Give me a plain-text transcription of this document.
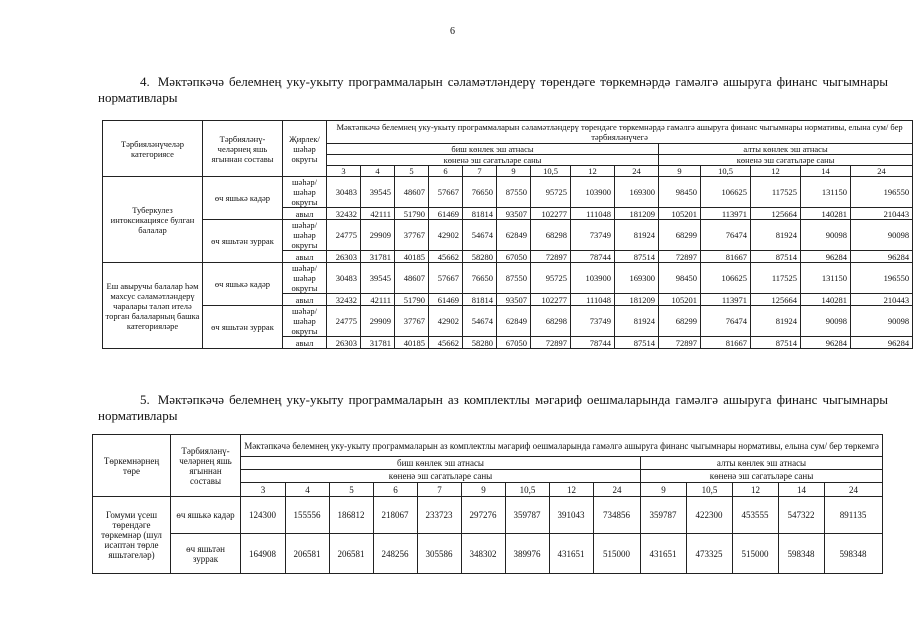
6
4. Мәктәпкәчә белемнең уку-укыту программаларын сәламәтләндерү төрендәге төркемнәрдә гамәлгә ашыруга финанс чыгымнары нормативлары
Тәрбияләнүчеләр категориясе	Тәрбияләнү-челәрнең яшь ягыннан составы	Җирлек/ шәһәр округы	Мәктәпкәчә белемнең уку-укыту программаларын сәламәтләндерү төрендәге төркемнәрдә гамәлгә ашыруга финанс чыгымнары нормативы, елына сум/ бер тәрбияләнүчегә													
			биш көнлек эш атнасы									алты көнлек эш атнасы				
			көненә эш сәгатьләре саны									көненә эш сәгатьләре саны				
			3	4	5	6	7	9	10,5	12	24	9	10,5	12	14	24
Туберкулез интоксикациясе булган балалар	өч яшькә кадәр	шәһәр/ шәһәр округы	30483	39545	48607	57667	76650	87550	95725	103900	169300	98450	106625	117525	131150	196550
		авыл	32432	42111	51790	61469	81814	93507	102277	111048	181209	105201	113971	125664	140281	210443
	өч яшьтән зуррак	шәһәр/ шәһәр округы	24775	29909	37767	42902	54674	62849	68298	73749	81924	68299	76474	81924	90098	90098
		авыл	26303	31781	40185	45662	58280	67050	72897	78744	87514	72897	81667	87514	96284	96284
Еш авыручы балалар һәм махсус сәламәтләндерү чаралары таләп ителә торган балаларның башка категорияләре	өч яшькә кадәр	шәһәр/ шәһәр округы	30483	39545	48607	57667	76650	87550	95725	103900	169300	98450	106625	117525	131150	196550
		авыл	32432	42111	51790	61469	81814	93507	102277	111048	181209	105201	113971	125664	140281	210443
	өч яшьтән зуррак	шәһәр/ шәһәр округы	24775	29909	37767	42902	54674	62849	68298	73749	81924	68299	76474	81924	90098	90098
		авыл	26303	31781	40185	45662	58280	67050	72897	78744	87514	72897	81667	87514	96284	96284
5. Мәктәпкәчә белемнең уку-укыту программаларын аз комплектлы мәгариф оешмаларында гамәлгә ашыруга финанс чыгымнары нормативлары
Төркемнәрнең төре	Тәрбияләнү-челәрнең яшь ягыннан составы	Мәктәпкәчә белемнең уку-укыту программаларын аз комплектлы мәгариф оешмаларында гамәлгә ашыруга финанс чыгымнары нормативы, елына сум/ бер төркемгә													
		биш көнлек эш атнасы									алты көнлек эш атнасы				
		көненә эш сәгатьләре саны									көненә эш сәгатьләре саны				
		3	4	5	6	7	9	10,5	12	24	9	10,5	12	14	24
Гомуми үсеш төрендәге төркемнәр (шул исәптән төрле яшьтәгеләр)	өч яшькә кадәр	124300	155556	186812	218067	233723	297276	359787	391043	734856	359787	422300	453555	547322	891135
	өч яшьтән зуррак	164908	206581	206581	248256	305586	348302	389976	431651	515000	431651	473325	515000	598348	598348
